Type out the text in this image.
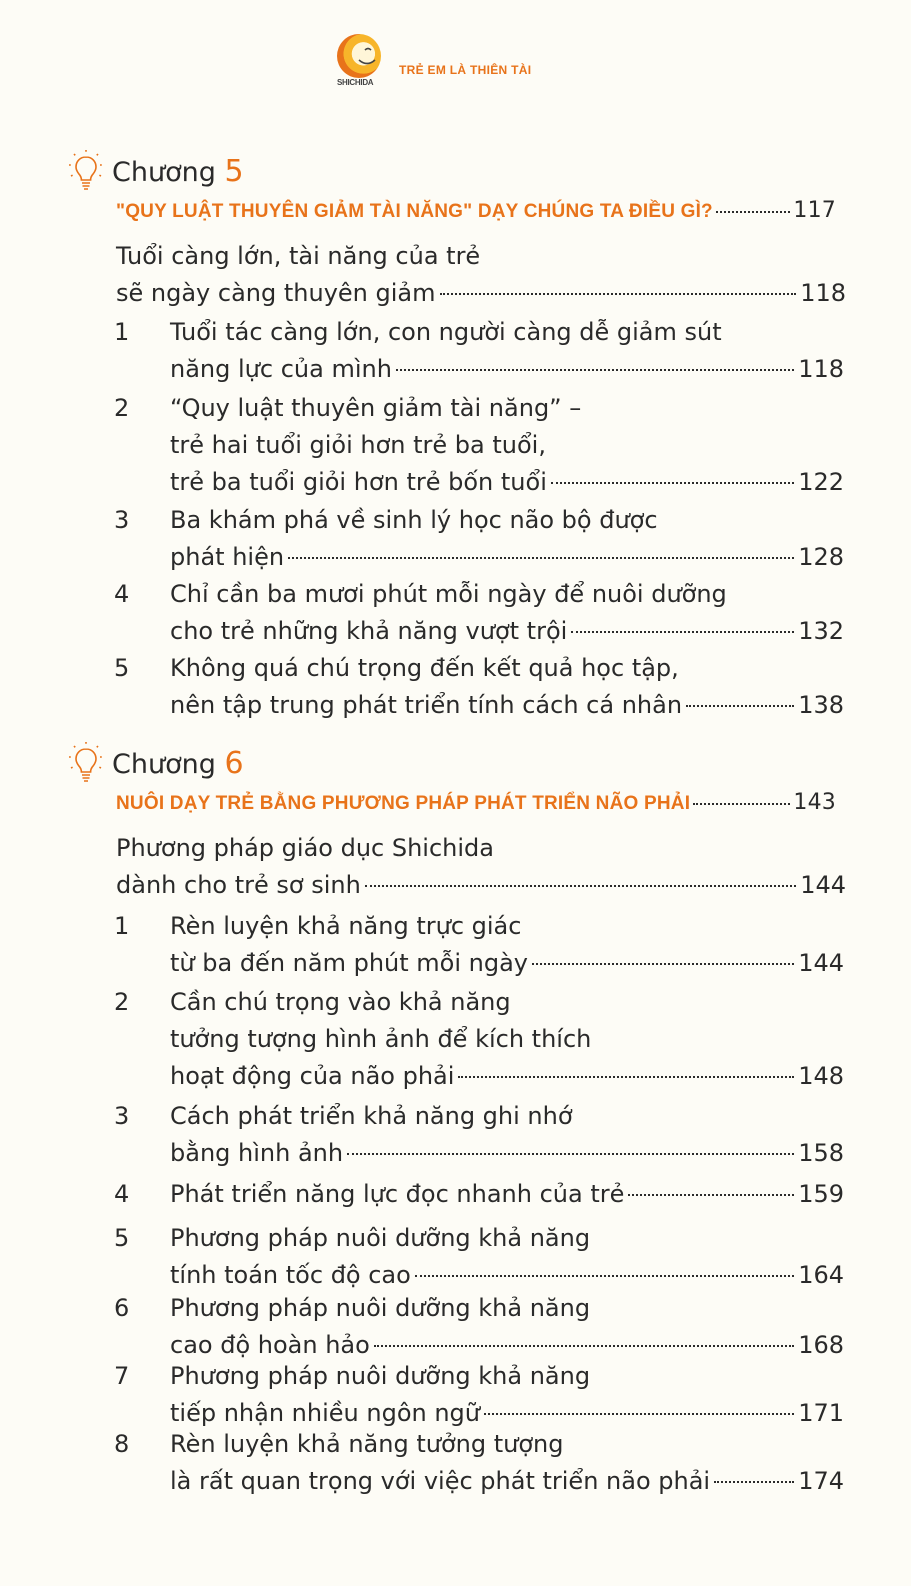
SHICHIDA
TRẺ EM LÀ THIÊN TÀI
Chương 5
"QUY LUẬT THUYÊN GIẢM TÀI NĂNG" DẠY CHÚNG TA ĐIỀU GÌ?	117
Tuổi càng lớn, tài năng của trẻ
sẽ ngày càng thuyên giảm	118
1	Tuổi tác càng lớn, con người càng dễ giảm sút
năng lực của mình	118
2	“Quy luật thuyên giảm tài năng” –
trẻ hai tuổi giỏi hơn trẻ ba tuổi,
trẻ ba tuổi giỏi hơn trẻ bốn tuổi	122
3	Ba khám phá về sinh lý học não bộ được
phát hiện	128
4	Chỉ cần ba mươi phút mỗi ngày để nuôi dưỡng
cho trẻ những khả năng vượt trội	132
5	Không quá chú trọng đến kết quả học tập,
nên tập trung phát triển tính cách cá nhân	138
Chương 6
NUÔI DẠY TRẺ BẰNG PHƯƠNG PHÁP PHÁT TRIỂN NÃO PHẢI	143
Phương pháp giáo dục Shichida
dành cho trẻ sơ sinh	144
1	Rèn luyện khả năng trực giác
từ ba đến năm phút mỗi ngày	144
2	Cần chú trọng vào khả năng
tưởng tượng hình ảnh để kích thích
hoạt động của não phải	148
3	Cách phát triển khả năng ghi nhớ
bằng hình ảnh	158
4	Phát triển năng lực đọc nhanh của trẻ	159
5	Phương pháp nuôi dưỡng khả năng
tính toán tốc độ cao	164
6	Phương pháp nuôi dưỡng khả năng
cao độ hoàn hảo	168
7	Phương pháp nuôi dưỡng khả năng
tiếp nhận nhiều ngôn ngữ	171
8	Rèn luyện khả năng tưởng tượng
là rất quan trọng với việc phát triển não phải	174
